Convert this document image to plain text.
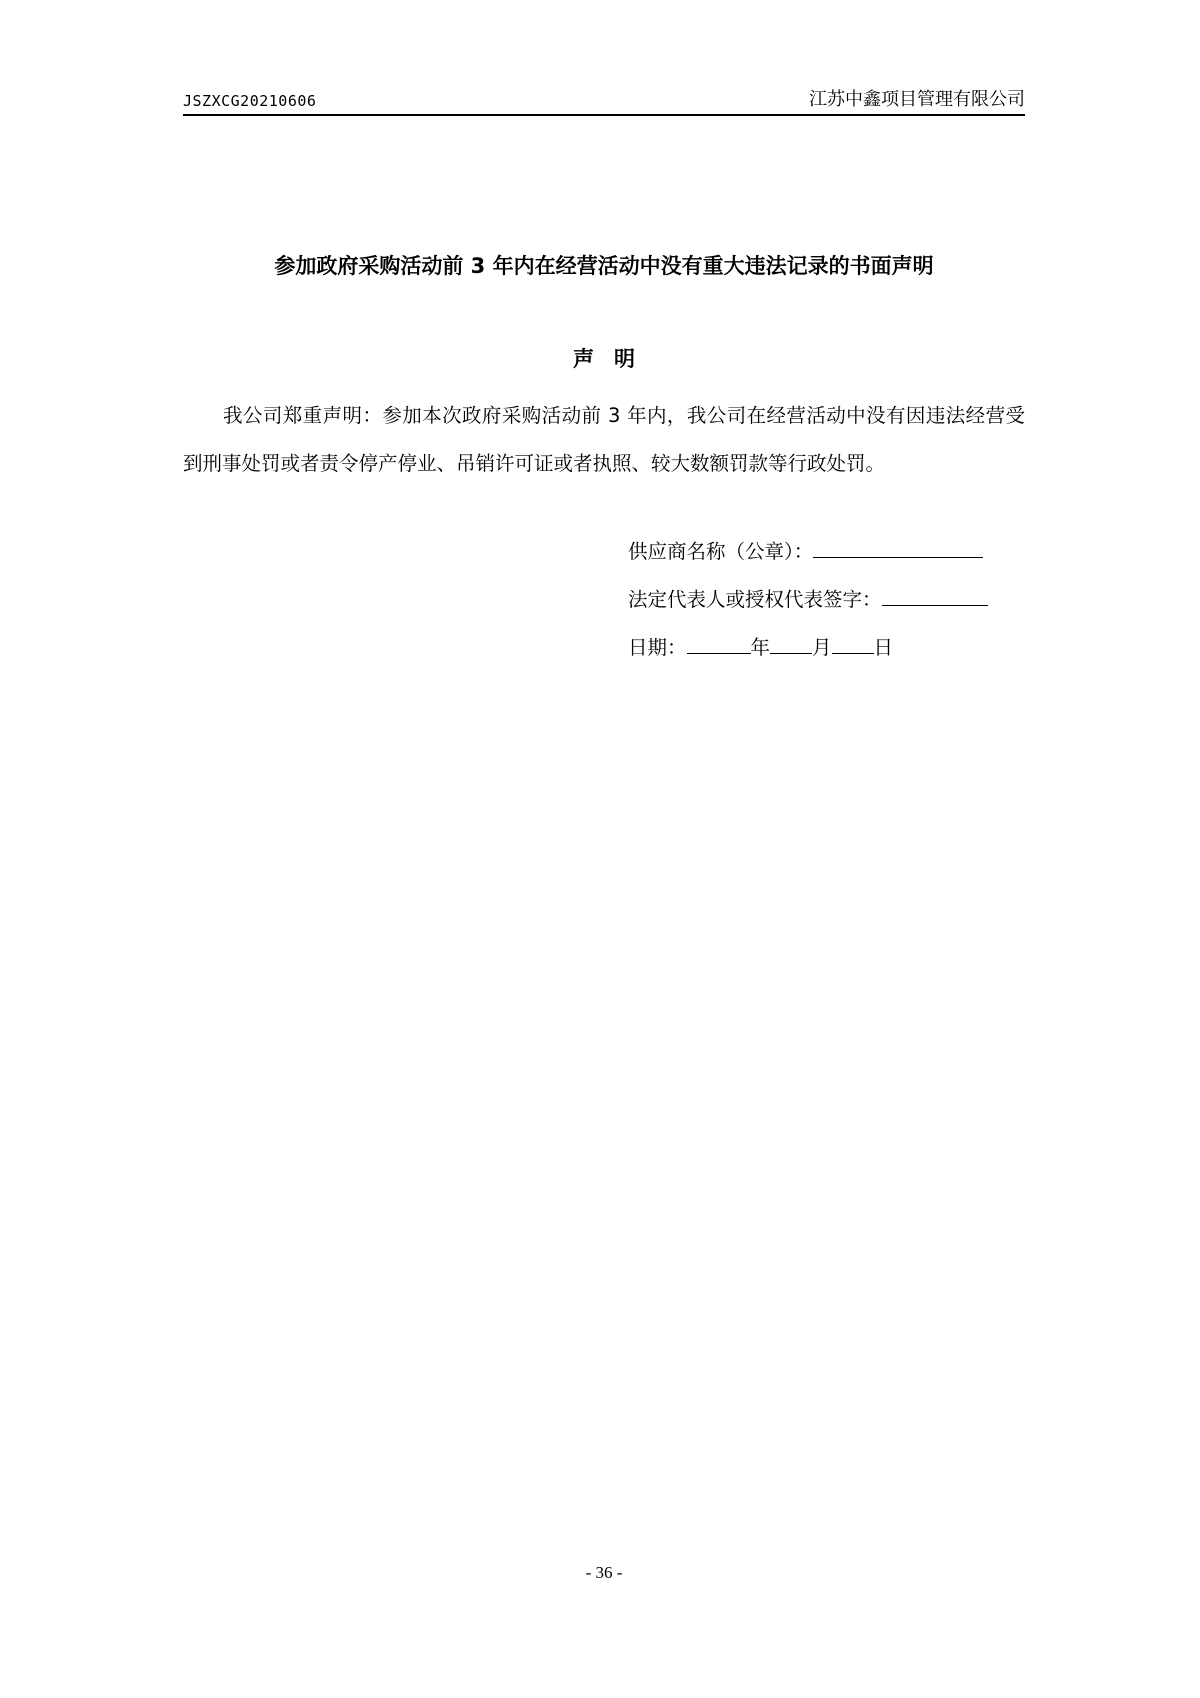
JSZXCG20210606	江苏中鑫项目管理有限公司
参加政府采购活动前 3 年内在经营活动中没有重大违法记录的书面声明
声明
我公司郑重声明：参加本次政府采购活动前 3 年内，我公司在经营活动中没有因违法经营受到刑事处罚或者责令停产停业、吊销许可证或者执照、较大数额罚款等行政处罚。
供应商名称（公章）：
法定代表人或授权代表签字：
日期：	年 月 日
- 36 -
